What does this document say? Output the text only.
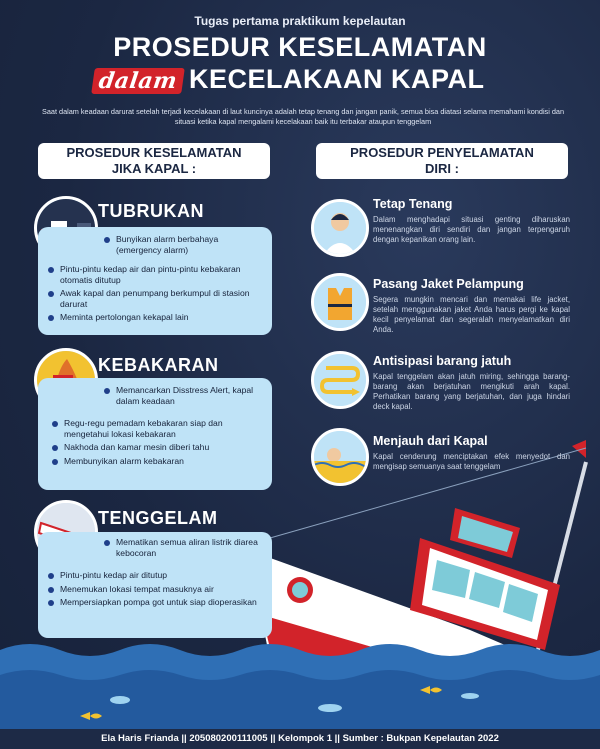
Tugas pertama praktikum kepelautan
PROSEDUR KESELAMATAN
dalam KECELAKAAN KAPAL
Saat dalam keadaan darurat setelah terjadi kecelakaan di laut kuncinya adalah tetap tenang dan jangan panik, semua bisa diatasi selama memahami kondisi dan situasi ketika kapal mengalami kecelakaan baik itu terbakar ataupun tenggelam
PROSEDUR KESELAMATAN
JIKA KAPAL :
PROSEDUR PENYELAMATAN
DIRI :
TUBRUKAN
Bunyikan alarm berbahaya (emergency alarm)
Pintu-pintu kedap air dan pintu-pintu kebakaran otomatis ditutup
Awak kapal dan penumpang berkumpul di stasion darurat
Meminta pertolongan kekapal lain
KEBAKARAN
Memancarkan Disstress Alert, kapal dalam keadaan
Regu-regu pemadam kebakaran siap dan mengetahui lokasi kebakaran
Nakhoda dan kamar mesin diberi tahu
Membunyikan alarm kebakaran
TENGGELAM
Mematikan semua aliran listrik diarea kebocoran
Pintu-pintu kedap air ditutup
Menemukan lokasi tempat masuknya air
Mempersiapkan pompa got untuk siap dioperasikan
Tetap Tenang
Dalam menghadapi situasi genting diharuskan menenangkan diri sendiri dan jangan terpengaruh dengan kepanikan orang lain.
Pasang Jaket Pelampung
Segera mungkin mencari dan memakai life jacket, setelah menggunakan jaket Anda harus pergi ke kapal kecil penyelamat dan segeralah menyelamatkan diri Anda.
Antisipasi barang jatuh
Kapal tenggelam akan jatuh miring, sehingga barang-barang akan berjatuhan mengikuti arah kapal. Perhatikan barang yang berjatuhan, dan juga hindari deck kapal.
Menjauh dari Kapal
Kapal cenderung menciptakan efek menyedot dan mengisap semuanya saat tenggelam
Ela Haris Frianda || 205080200111005 || Kelompok 1 || Sumber : Bukpan Kepelautan 2022
